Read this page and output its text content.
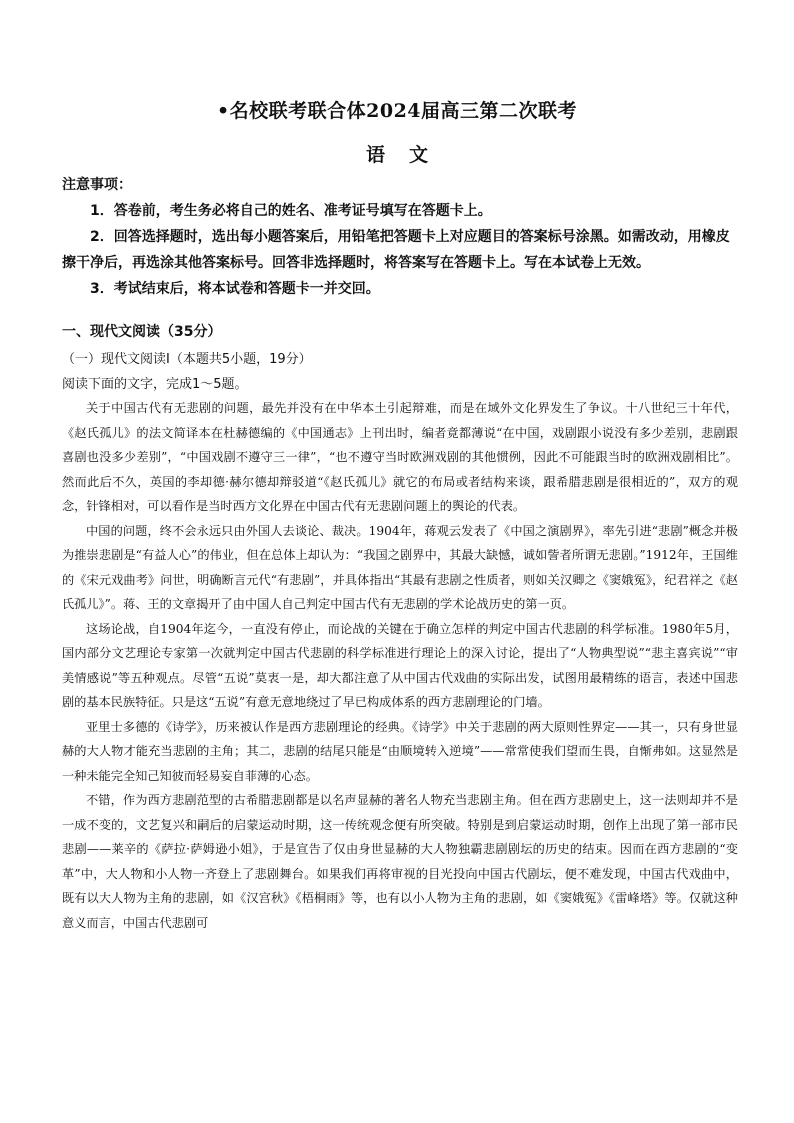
•名校联考联合体2024届高三第二次联考
语 文

注意事项：

1．答卷前，考生务必将自己的姓名、准考证号填写在答题卡上。

2．回答选择题时，选出每小题答案后，用铅笔把答题卡上对应题目的答案标号涂黑。如需改动，用橡皮擦干净后，再选涂其他答案标号。回答非选择题时，将答案写在答题卡上。写在本试卷上无效。

3．考试结束后，将本试卷和答题卡一并交回。

一、现代文阅读（35分）
（一）现代文阅读Ⅰ（本题共5小题，19分）
阅读下面的文字，完成1～5题。

关于中国古代有无悲剧的问题，最先并没有在中华本土引起辩难，而是在域外文化界发生了争议。十八世纪三十年代，《赵氏孤儿》的法文简译本在杜赫德编的《中国通志》上刊出时，编者竟都薄说“在中国，戏剧跟小说没有多少差别，悲剧跟喜剧也没多少差别”，“中国戏剧不遵守三一律”，“也不遵守当时欧洲戏剧的其他惯例，因此不可能跟当时的欧洲戏剧相比”。然而此后不久，英国的李却德·赫尔德却辩驳道“《赵氏孤儿》就它的布局或者结构来谈，跟希腊悲剧是很相近的”，双方的观念，针锋相对，可以看作是当时西方文化界在中国古代有无悲剧问题上的舆论的代表。

中国的问题，终不会永远只由外国人去谈论、裁决。1904年，蒋观云发表了《中国之演剧界》，率先引进“悲剧”概念并极为推崇悲剧是“有益人心”的伟业，但在总体上却认为：“我国之剧界中，其最大缺憾，诚如訾者所谓无悲剧。”1912年，王国维的《宋元戏曲考》问世，明确断言元代“有悲剧”，并具体指出“其最有悲剧之性质者，则如关汉卿之《窦娥冤》，纪君祥之《赵氏孤儿》”。蒋、王的文章揭开了由中国人自己判定中国古代有无悲剧的学术论战历史的第一页。

这场论战，自1904年迄今，一直没有停止，而论战的关键在于确立怎样的判定中国古代悲剧的科学标准。1980年5月，国内部分文艺理论专家第一次就判定中国古代悲剧的科学标准进行理论上的深入讨论，提出了“人物典型说”“悲主喜宾说”“审美情感说”等五种观点。尽管“五说”莫衷一是，却大都注意了从中国古代戏曲的实际出发，试图用最精练的语言，表述中国悲剧的基本民族特征。只是这“五说”有意无意地绕过了早已构成体系的西方悲剧理论的门墙。

亚里士多德的《诗学》，历来被认作是西方悲剧理论的经典。《诗学》中关于悲剧的两大原则性界定——其一，只有身世显赫的大人物才能充当悲剧的主角；其二，悲剧的结尾只能是“由顺境转入逆境”——常常使我们望而生畏，自惭弗如。这显然是一种未能完全知己知彼而轻易妄自菲薄的心态。

不错，作为西方悲剧范型的古希腊悲剧都是以名声显赫的著名人物充当悲剧主角。但在西方悲剧史上，这一法则却并不是一成不变的，文艺复兴和嗣后的启蒙运动时期，这一传统观念便有所突破。特别是到启蒙运动时期，创作上出现了第一部市民悲剧——莱辛的《萨拉·萨姆逊小姐》，于是宣告了仅由身世显赫的大人物独霸悲剧剧坛的历史的结束。因而在西方悲剧的“变革”中，大人物和小人物一齐登上了悲剧舞台。如果我们再将审视的目光投向中国古代剧坛，便不难发现，中国古代戏曲中，既有以大人物为主角的悲剧，如《汉宫秋》《梧桐雨》等，也有以小人物为主角的悲剧，如《窦娥冤》《雷峰塔》等。仅就这种意义而言，中国古代悲剧可
